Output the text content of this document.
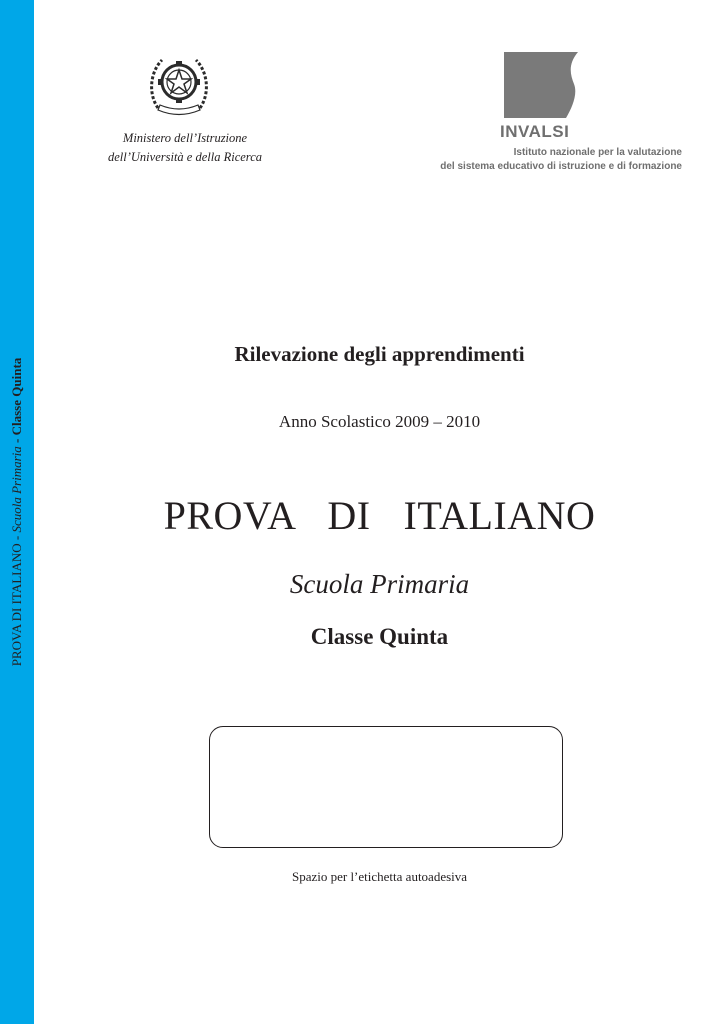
PROVA DI ITALIANO - Scuola Primaria - Classe Quinta
Ministero dell’Istruzione
dell’Università e della Ricerca
INVALSI
Istituto nazionale per la valutazione
del sistema educativo di istruzione e di formazione
Rilevazione degli apprendimenti
Anno Scolastico 2009 – 2010
PROVA  DI  ITALIANO
Scuola Primaria
Classe Quinta
Spazio per l’etichetta autoadesiva
